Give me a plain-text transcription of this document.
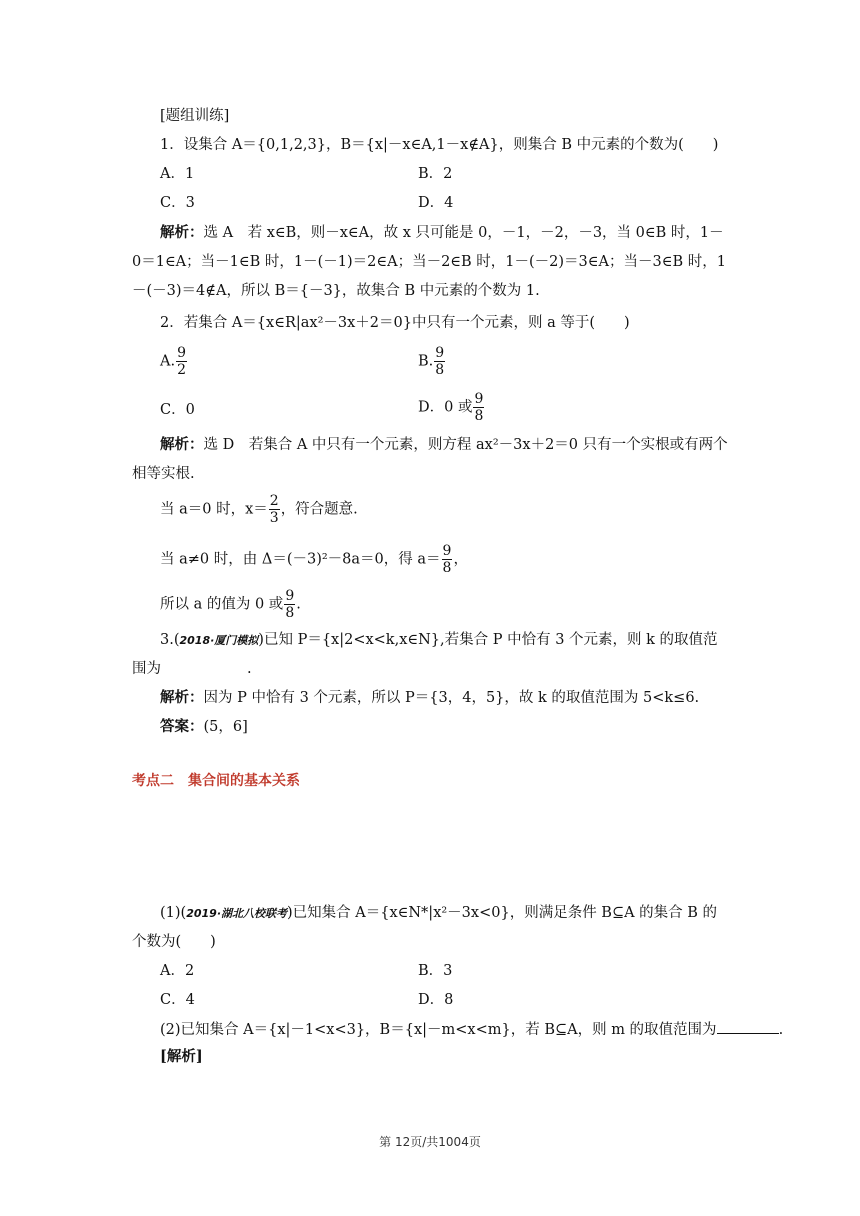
[题组训练]
1．设集合 A＝{0,1,2,3}，B＝{x|－x∈A,1－x∉A}，则集合 B 中元素的个数为(　　)
A．1	B．2
C．3	D．4
解析：选 A　若 x∈B，则－x∈A，故 x 只可能是 0，－1，－2，－3，当 0∈B 时，1－
0＝1∈A；当－1∈B 时，1－(－1)＝2∈A；当－2∈B 时，1－(－2)＝3∈A；当－3∈B 时，1
－(－3)＝4∉A，所以 B＝{－3}，故集合 B 中元素的个数为 1.
2．若集合 A＝{x∈R|ax²－3x＋2＝0}中只有一个元素，则 a 等于(　　)
A. $\frac{9}{2}$	B. $\frac{9}{8}$
C．0	D．0 或 $\frac{9}{8}$
解析：选 D　若集合 A 中只有一个元素，则方程 ax²－3x＋2＝0 只有一个实根或有两个
相等实根.
当 a＝0 时，$x= \frac{2}{3}$ ，符合题意.
当 a≠0 时，由 Δ＝(－3)²－8a＝0，得 $a= \frac{9}{8}$ ，
所以 a 的值为 0 或 $\frac{9}{8}$ .
3.(2018·厦门模拟)已知 P＝{x|2<x<k,x∈N},若集合 P 中恰有 3 个元素，则 k 的取值范
围为	.
解析：因为 P 中恰有 3 个元素，所以 P＝{3，4，5}，故 k 的取值范围为 5<k≤6.
答案：(5，6]
考点二　集合间的基本关系
(1)(2019·湖北八校联考)已知集合 A＝{x∈N*|x²－3x<0}，则满足条件 B⊆A 的集合 B 的
个数为(　　)
A．2	B．3
C．4	D．8
(2)已知集合 A＝{x|－1<x<3}，B＝{x|－m<x<m}，若 B⊆A，则 m 的取值范围为	.
[解析]
第 12页/共1004页
